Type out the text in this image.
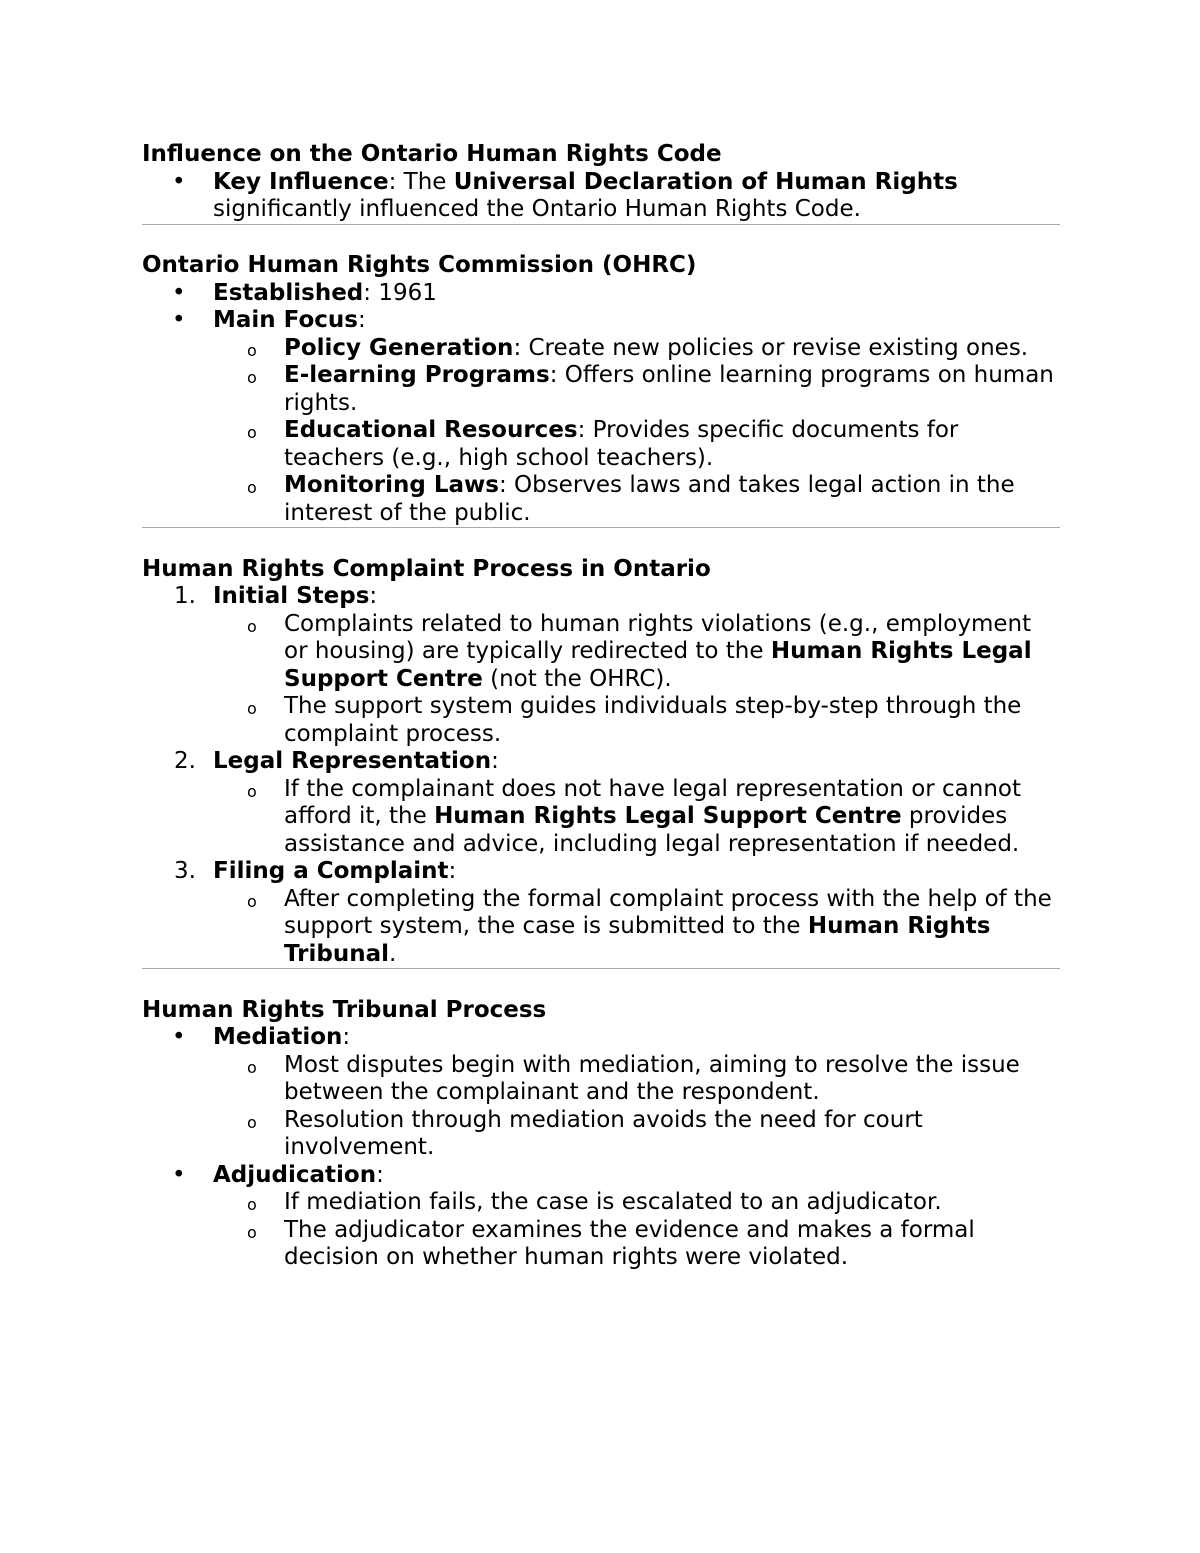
Influence on the Ontario Human Rights Code
•	Key Influence: The Universal Declaration of Human Rights significantly influenced the Ontario Human Rights Code.
Ontario Human Rights Commission (OHRC)
•	Established: 1961
•	Main Focus:
o Policy Generation: Create new policies or revise existing ones.
o E-learning Programs: Offers online learning programs on human rights.
o Educational Resources: Provides specific documents for teachers (e.g., high school teachers).
o Monitoring Laws: Observes laws and takes legal action in the interest of the public.
Human Rights Complaint Process in Ontario
1. Initial Steps:
o Complaints related to human rights violations (e.g., employment or housing) are typically redirected to the Human Rights Legal Support Centre (not the OHRC).
o The support system guides individuals step-by-step through the complaint process.
2. Legal Representation:
o If the complainant does not have legal representation or cannot afford it, the Human Rights Legal Support Centre provides assistance and advice, including legal representation if needed.
3. Filing a Complaint:
o After completing the formal complaint process with the help of the support system, the case is submitted to the Human Rights Tribunal.
Human Rights Tribunal Process
•	Mediation:
o Most disputes begin with mediation, aiming to resolve the issue between the complainant and the respondent.
o Resolution through mediation avoids the need for court involvement.
•	Adjudication:
o If mediation fails, the case is escalated to an adjudicator.
o The adjudicator examines the evidence and makes a formal decision on whether human rights were violated.
